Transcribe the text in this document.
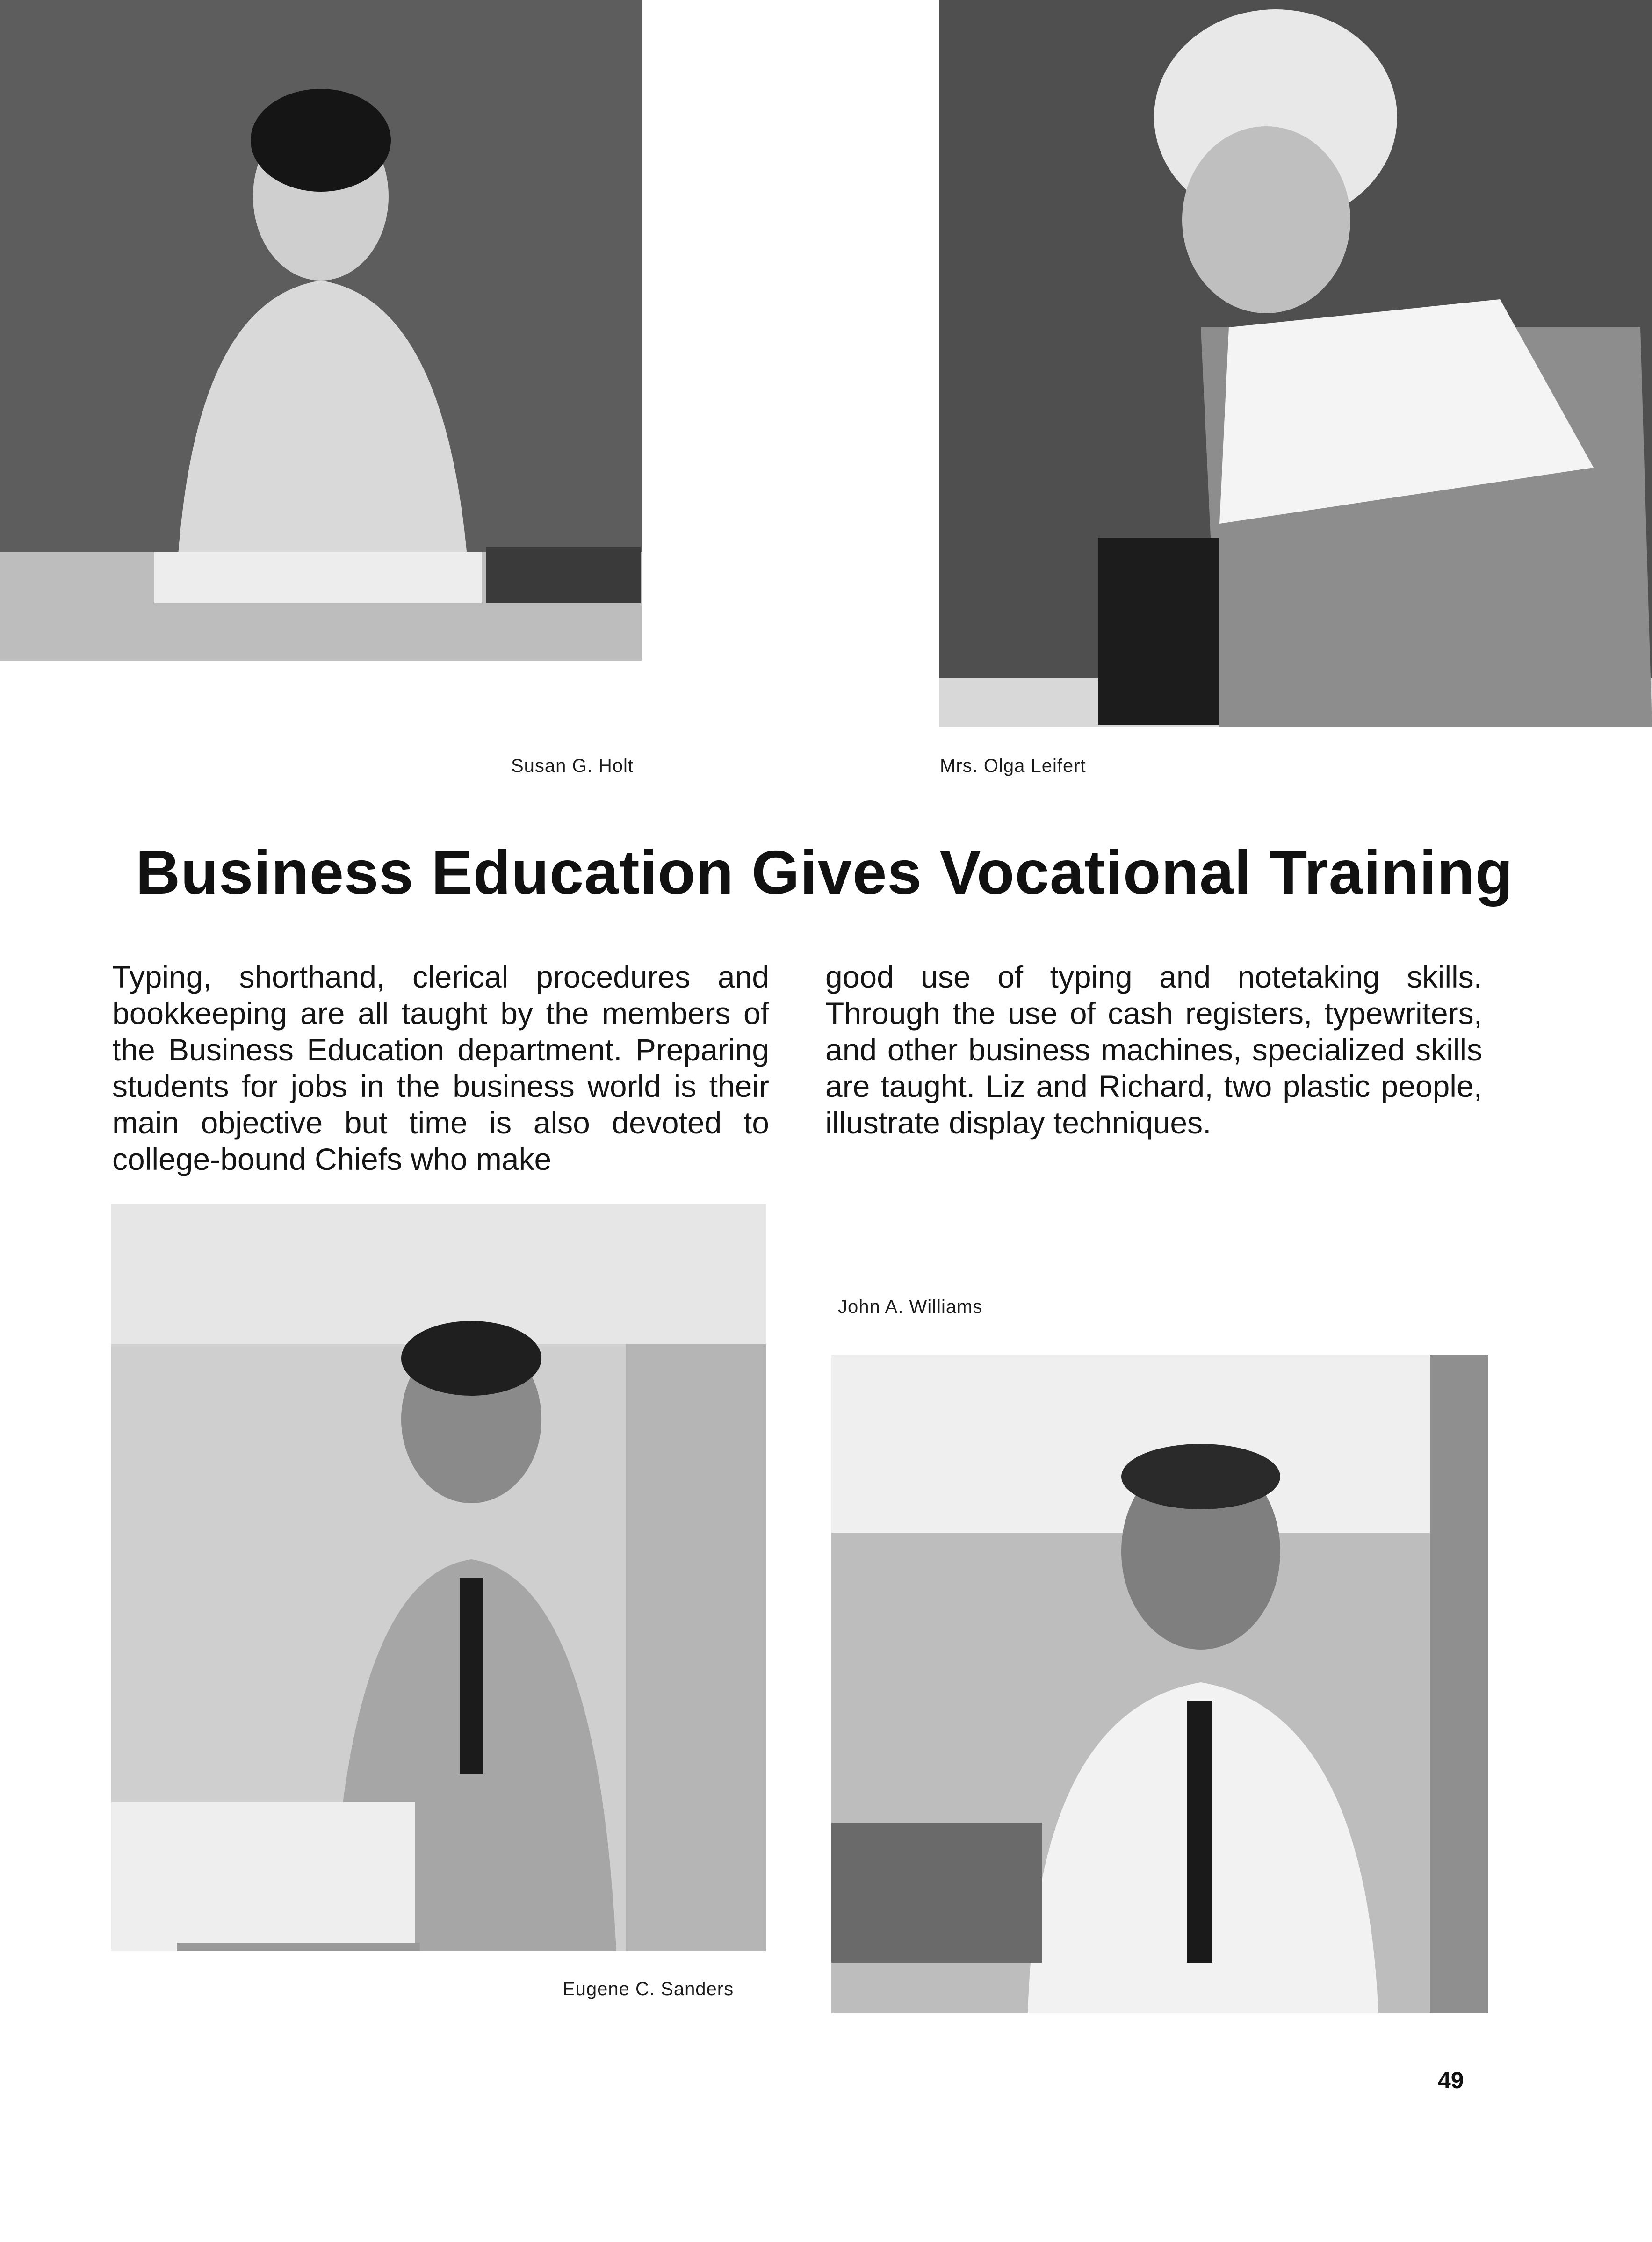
Susan G. Holt	Mrs. Olga Leifert
Business Education Gives Vocational Training
Typing, shorthand, clerical procedures and bookkeeping are all taught by the members of the Business Education department. Preparing students for jobs in the business world is their main objective but time is also devoted to college-bound Chiefs who make
good use of typing and notetaking skills. Through the use of cash registers, typewriters, and other business machines, specialized skills are taught. Liz and Richard, two plastic people, illustrate display techniques.
John A. Williams
Eugene C. Sanders
49
